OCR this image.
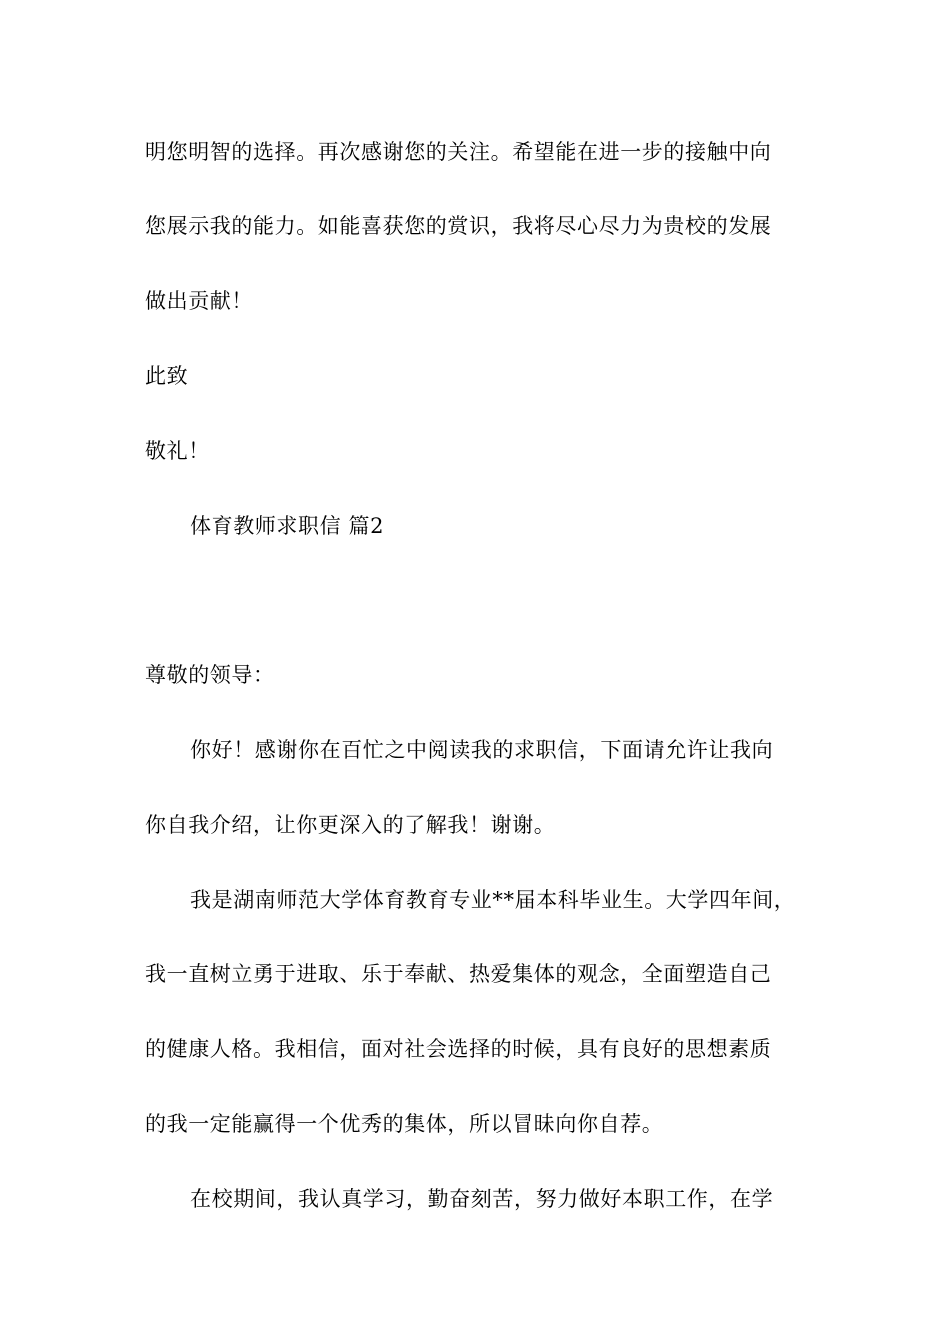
明您明智的选择。再次感谢您的关注。希望能在进一步的接触中向
您展示我的能力。如能喜获您的赏识，我将尽心尽力为贵校的发展
做出贡献！
此致
敬礼！
体育教师求职信 篇2
尊敬的领导：
你好！感谢你在百忙之中阅读我的求职信，下面请允许让我向
你自我介绍，让你更深入的了解我！谢谢。
我是湖南师范大学体育教育专业**届本科毕业生。大学四年间，
我一直树立勇于进取、乐于奉献、热爱集体的观念，全面塑造自己
的健康人格。我相信，面对社会选择的时候，具有良好的思想素质
的我一定能赢得一个优秀的集体，所以冒昧向你自荐。
在校期间，我认真学习，勤奋刻苦，努力做好本职工作，在学
